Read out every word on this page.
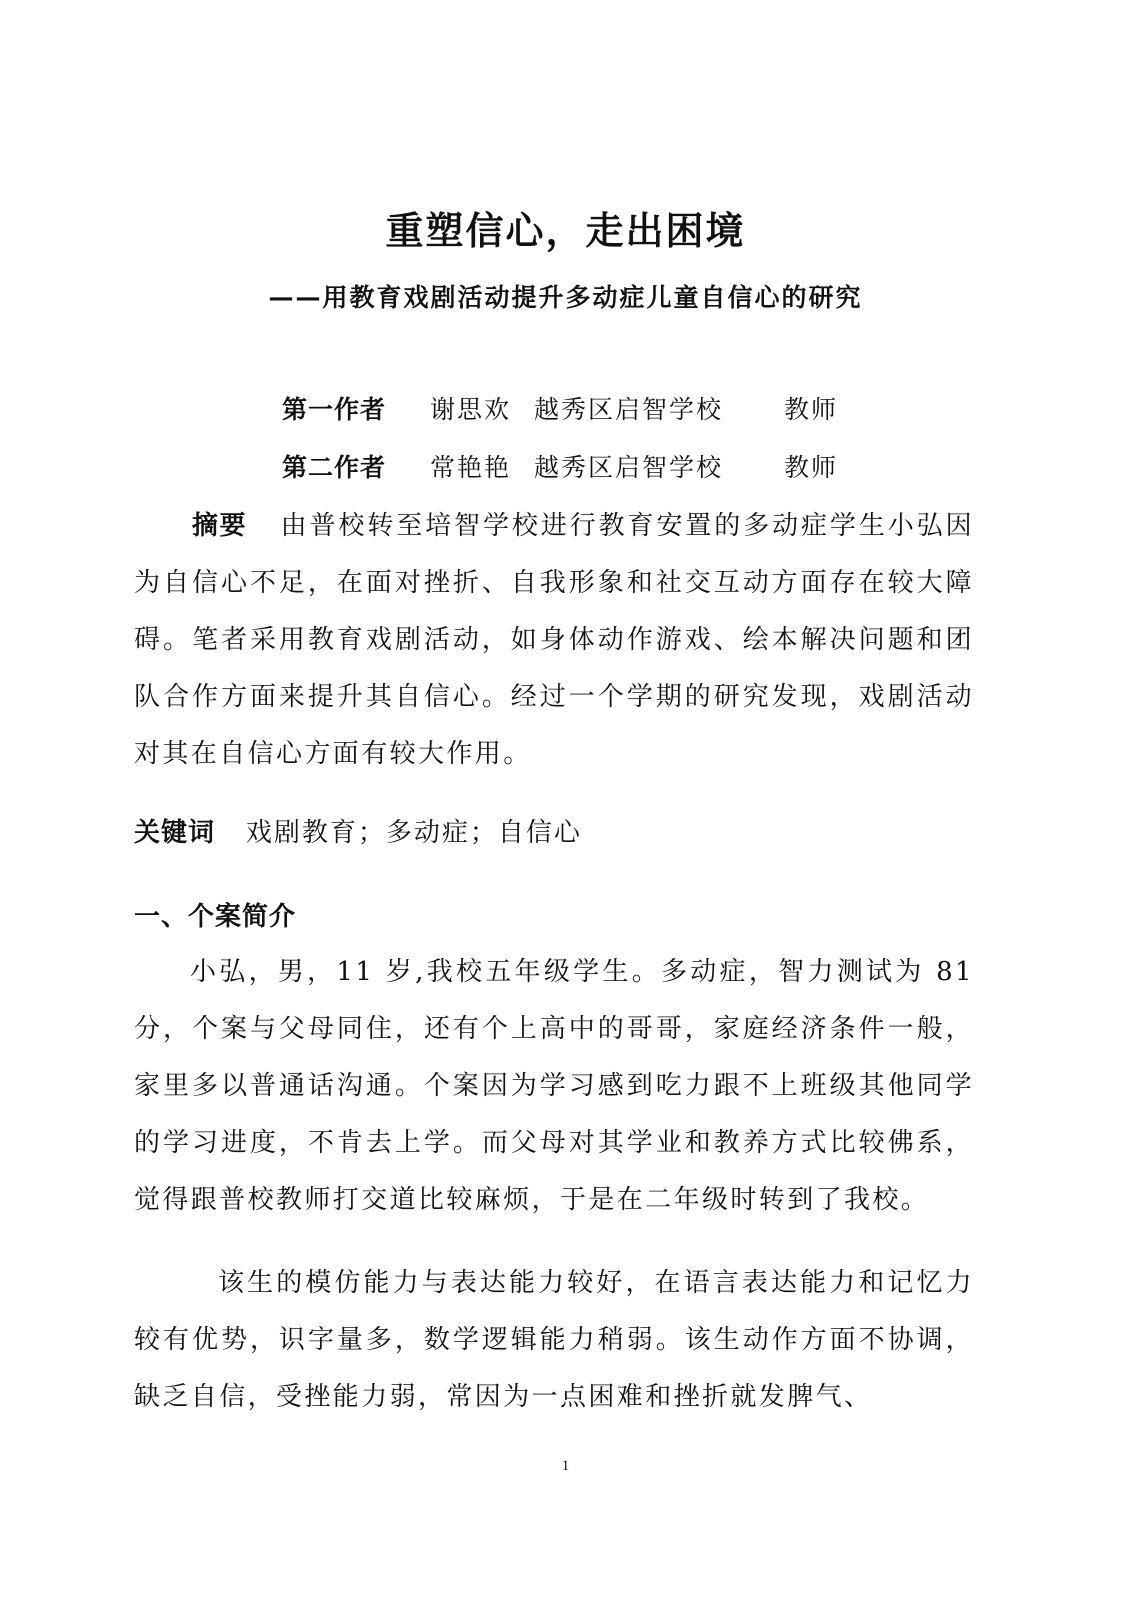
重塑信心，走出困境
——用教育戏剧活动提升多动症儿童自信心的研究
第一作者 谢思欢 越秀区启智学校 教师
第二作者 常艳艳 越秀区启智学校 教师
摘要 由普校转至培智学校进行教育安置的多动症学生小弘因为自信心不足，在面对挫折、自我形象和社交互动方面存在较大障碍。笔者采用教育戏剧活动，如身体动作游戏、绘本解决问题和团队合作方面来提升其自信心。经过一个学期的研究发现，戏剧活动对其在自信心方面有较大作用。
关键词 戏剧教育；多动症；自信心
一、个案简介
小弘，男，11 岁,我校五年级学生。多动症，智力测试为 81 分，个案与父母同住，还有个上高中的哥哥，家庭经济条件一般，家里多以普通话沟通。个案因为学习感到吃力跟不上班级其他同学的学习进度，不肯去上学。而父母对其学业和教养方式比较佛系，觉得跟普校教师打交道比较麻烦，于是在二年级时转到了我校。
该生的模仿能力与表达能力较好，在语言表达能力和记忆力较有优势，识字量多，数学逻辑能力稍弱。该生动作方面不协调，缺乏自信，受挫能力弱，常因为一点困难和挫折就发脾气、
1
